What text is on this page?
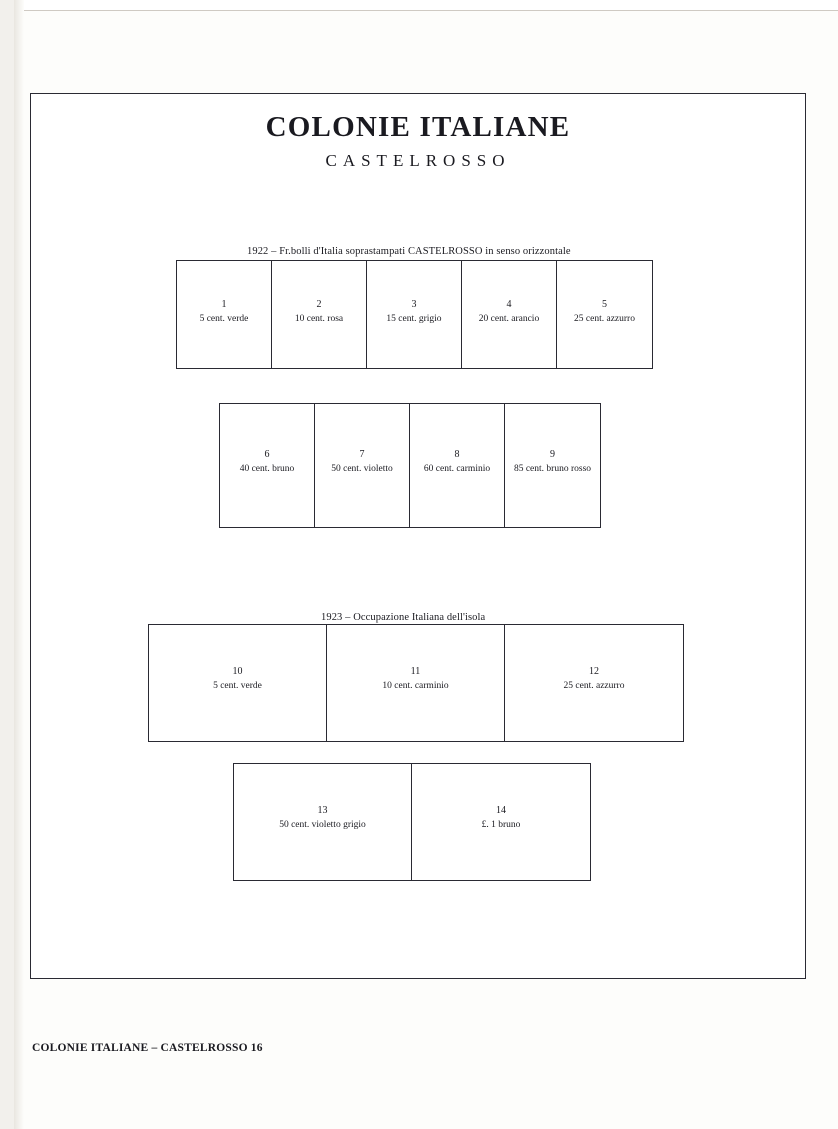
COLONIE ITALIANE
CASTELROSSO
1922 – Fr.bolli d'Italia soprastampati CASTELROSSO in senso orizzontale
1
5 cent. verde
2
10 cent. rosa
3
15 cent. grigio
4
20 cent. arancio
5
25 cent. azzurro
6
40 cent. bruno
7
50 cent. violetto
8
60 cent. carminio
9
85 cent. bruno rosso
1923 – Occupazione Italiana dell'isola
10
5 cent. verde
11
10 cent. carminio
12
25 cent. azzurro
13
50 cent. violetto grigio
14
£. 1 bruno
COLONIE ITALIANE – CASTELROSSO 16
